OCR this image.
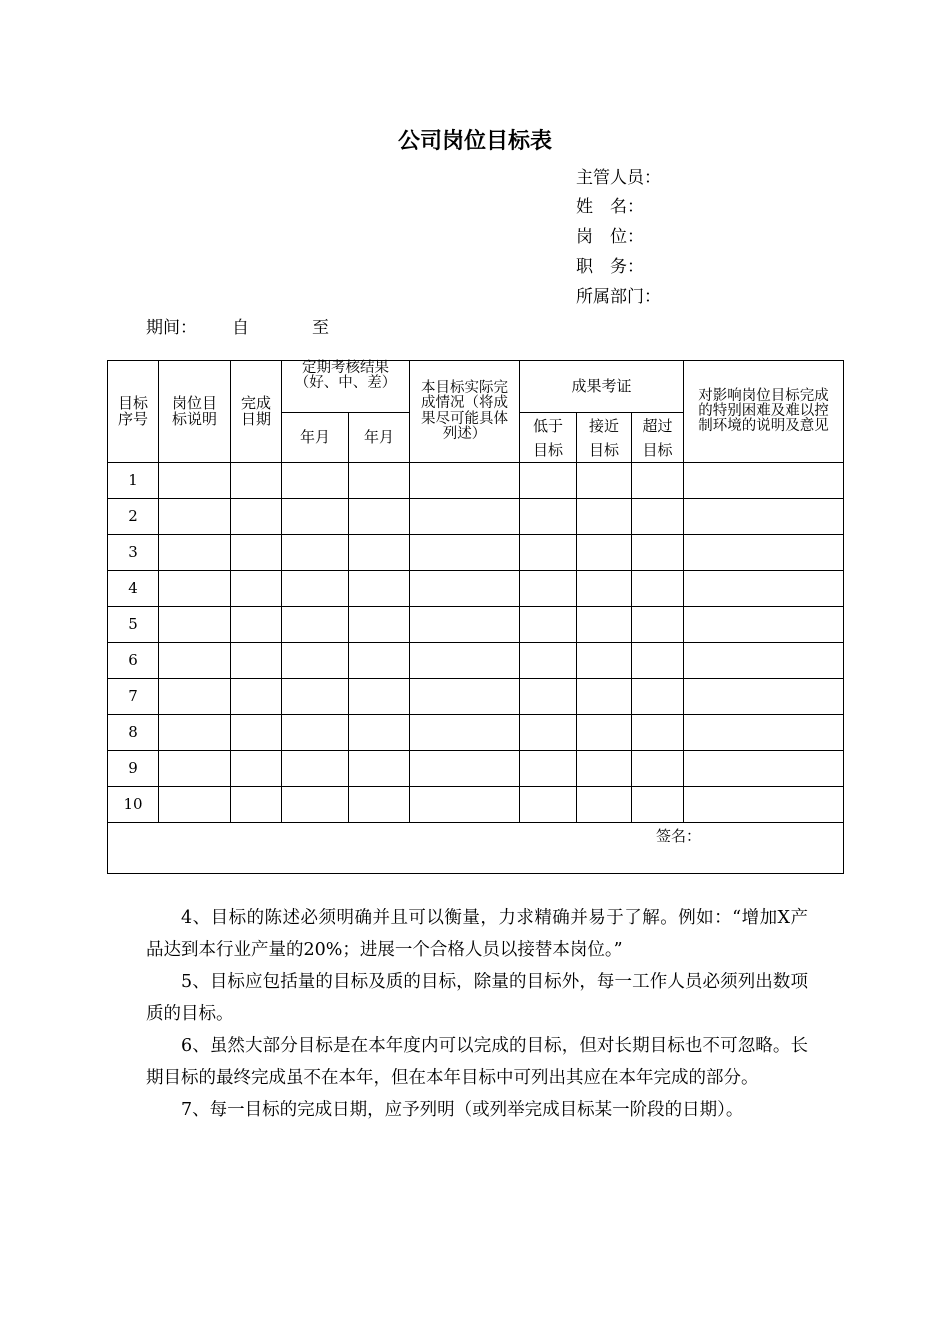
公司岗位目标表
主管人员：
姓　名：
岗　位：
职　务：
所属部门：
期间： 自	至
目标序号	岗位目标说明	完成日期	定期考核结果（好、中、差）		本目标实际完成情况（将成果尽可能具体列述）	成果考证			对影响岗位目标完成的特别困难及难以控制环境的说明及意见

			年月	年月		低于目标	接近目标	超过目标	

1									
2									
3									
4									
5									
6									
7									
8									
9									
10									

签名：									

4、目标的陈述必须明确并且可以衡量，力求精确并易于了解。例如：“增加X产品达到本行业产量的20%；进展一个合格人员以接替本岗位。”

5、目标应包括量的目标及质的目标，除量的目标外，每一工作人员必须列出数项质的目标。

6、虽然大部分目标是在本年度内可以完成的目标，但对长期目标也不可忽略。长期目标的最终完成虽不在本年，但在本年目标中可列出其应在本年完成的部分。

7、每一目标的完成日期，应予列明（或列举完成目标某一阶段的日期）。
